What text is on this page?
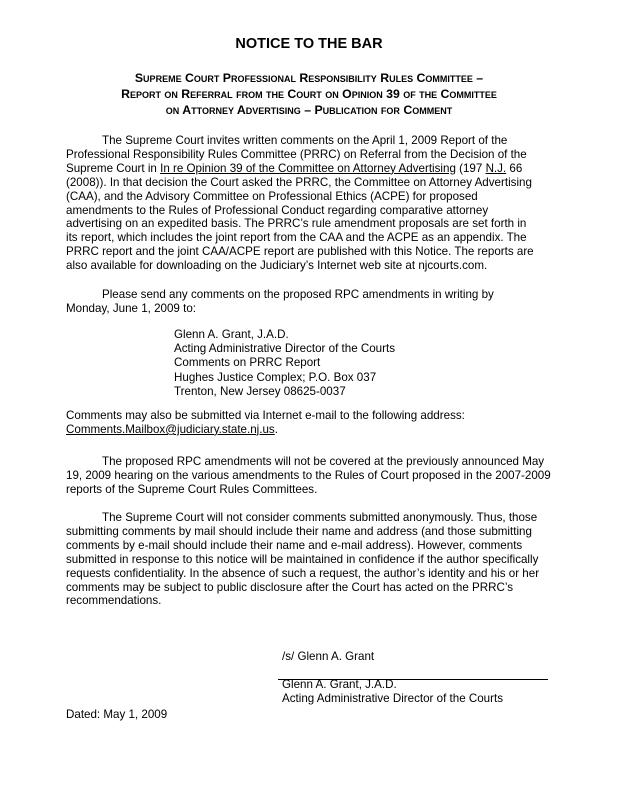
NOTICE TO THE BAR
Supreme Court Professional Responsibility Rules Committee –
Report on Referral from the Court on Opinion 39 of the Committee
on Attorney Advertising – Publication for Comment
The Supreme Court invites written comments on the April 1, 2009 Report of the
Professional Responsibility Rules Committee (PRRC) on Referral from the Decision of the
Supreme Court in In re Opinion 39 of the Committee on Attorney Advertising (197 N.J. 66
(2008)). In that decision the Court asked the PRRC, the Committee on Attorney Advertising
(CAA), and the Advisory Committee on Professional Ethics (ACPE) for proposed
amendments to the Rules of Professional Conduct regarding comparative attorney
advertising on an expedited basis. The PRRC’s rule amendment proposals are set forth in
its report, which includes the joint report from the CAA and the ACPE as an appendix. The
PRRC report and the joint CAA/ACPE report are published with this Notice. The reports are
also available for downloading on the Judiciary’s Internet web site at njcourts.com.
Please send any comments on the proposed RPC amendments in writing by
Monday, June 1, 2009 to:
Glenn A. Grant, J.A.D.
Acting Administrative Director of the Courts
Comments on PRRC Report
Hughes Justice Complex; P.O. Box 037
Trenton, New Jersey 08625-0037
Comments may also be submitted via Internet e-mail to the following address:
Comments.Mailbox@judiciary.state.nj.us.
The proposed RPC amendments will not be covered at the previously announced May
19, 2009 hearing on the various amendments to the Rules of Court proposed in the 2007-2009
reports of the Supreme Court Rules Committees.
The Supreme Court will not consider comments submitted anonymously. Thus, those
submitting comments by mail should include their name and address (and those submitting
comments by e-mail should include their name and e-mail address). However, comments
submitted in response to this notice will be maintained in confidence if the author specifically
requests confidentiality. In the absence of such a request, the author’s identity and his or her
comments may be subject to public disclosure after the Court has acted on the PRRC’s
recommendations.
/s/ Glenn A. Grant
Glenn A. Grant, J.A.D.
Acting Administrative Director of the Courts
Dated: May 1, 2009
